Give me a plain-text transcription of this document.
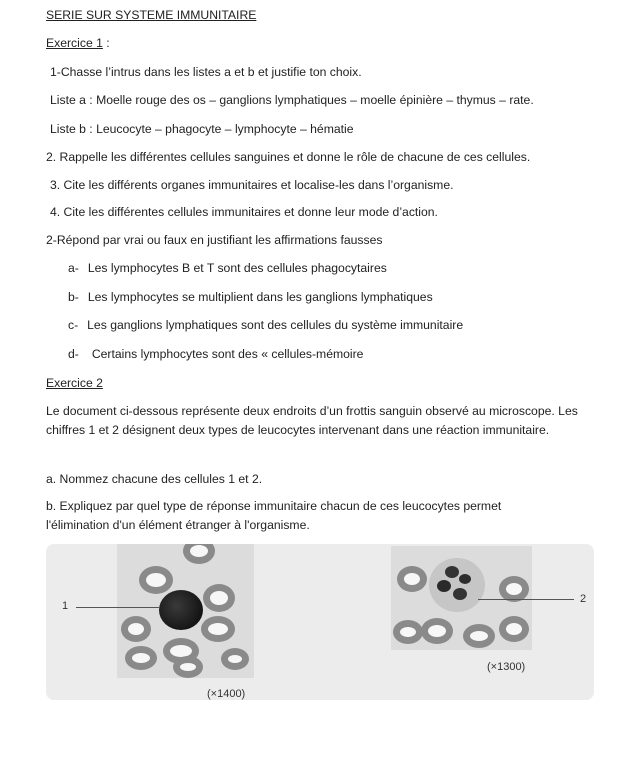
SERIE SUR SYSTEME IMMUNITAIRE
Exercice 1 :
1-Chasse l’intrus dans les listes a et b et justifie ton choix.
Liste a : Moelle rouge des os – ganglions lymphatiques – moelle épinière – thymus – rate.
Liste b : Leucocyte – phagocyte – lymphocyte – hématie
2. Rappelle les différentes cellules sanguines et donne le rôle de chacune de ces cellules.
3. Cite les différents organes immunitaires et localise-les dans l’organisme.
4. Cite les différentes cellules immunitaires et donne leur mode d’action.
2-Répond par vrai ou faux en justifiant les affirmations fausses
a- Les lymphocytes B et T sont des cellules phagocytaires
b- Les lymphocytes se multiplient dans les ganglions lymphatiques
c- Les ganglions lymphatiques sont des cellules du système immunitaire
d- Certains lymphocytes sont des « cellules-mémoire
Exercice 2
Le document ci-dessous représente deux endroits d’un frottis sanguin observé au microscope. Les chiffres 1 et 2 désignent deux types de leucocytes intervenant dans une réaction immunitaire.
a. Nommez chacune des cellules 1 et 2.
b. Expliquez par quel type de réponse immunitaire chacun de ces leucocytes permet l'élimination d'un élément étranger à l'organisme.
1
(×1400)
2
(×1300)
